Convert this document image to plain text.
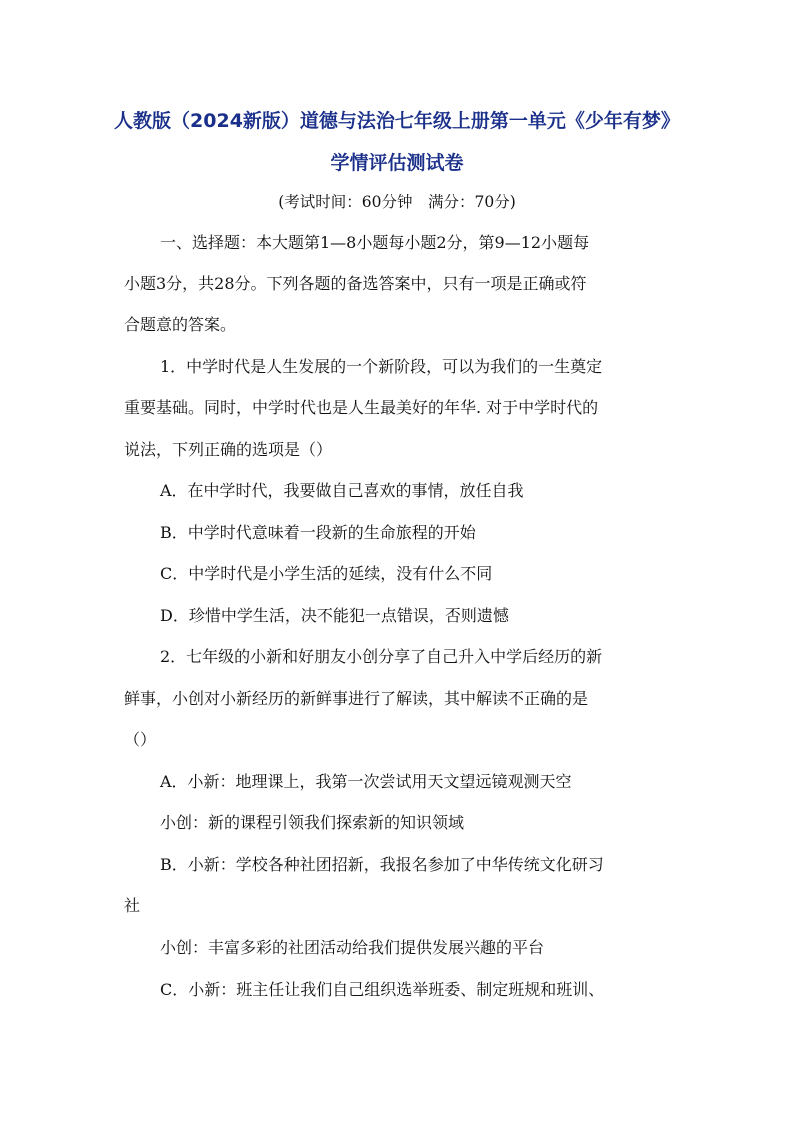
人教版（2024新版）道德与法治七年级上册第一单元《少年有梦》
学情评估测试卷
(考试时间：60分钟　满分：70分)
一、选择题：本大题第1—8小题每小题2分，第9—12小题每
小题3分，共28分。下列各题的备选答案中，只有一项是正确或符
合题意的答案。
1．中学时代是人生发展的一个新阶段，可以为我们的一生奠定
重要基础。同时，中学时代也是人生最美好的年华. 对于中学时代的
说法，下列正确的选项是（）
A．在中学时代，我要做自己喜欢的事情，放任自我
B．中学时代意味着一段新的生命旅程的开始
C．中学时代是小学生活的延续，没有什么不同
D．珍惜中学生活，决不能犯一点错误，否则遗憾
2．七年级的小新和好朋友小创分享了自己升入中学后经历的新
鲜事，小创对小新经历的新鲜事进行了解读，其中解读不正确的是
（）
A．小新：地理课上，我第一次尝试用天文望远镜观测天空
小创：新的课程引领我们探索新的知识领域
B．小新：学校各种社团招新，我报名参加了中华传统文化研习
社
小创：丰富多彩的社团活动给我们提供发展兴趣的平台
C．小新：班主任让我们自己组织选举班委、制定班规和班训、
